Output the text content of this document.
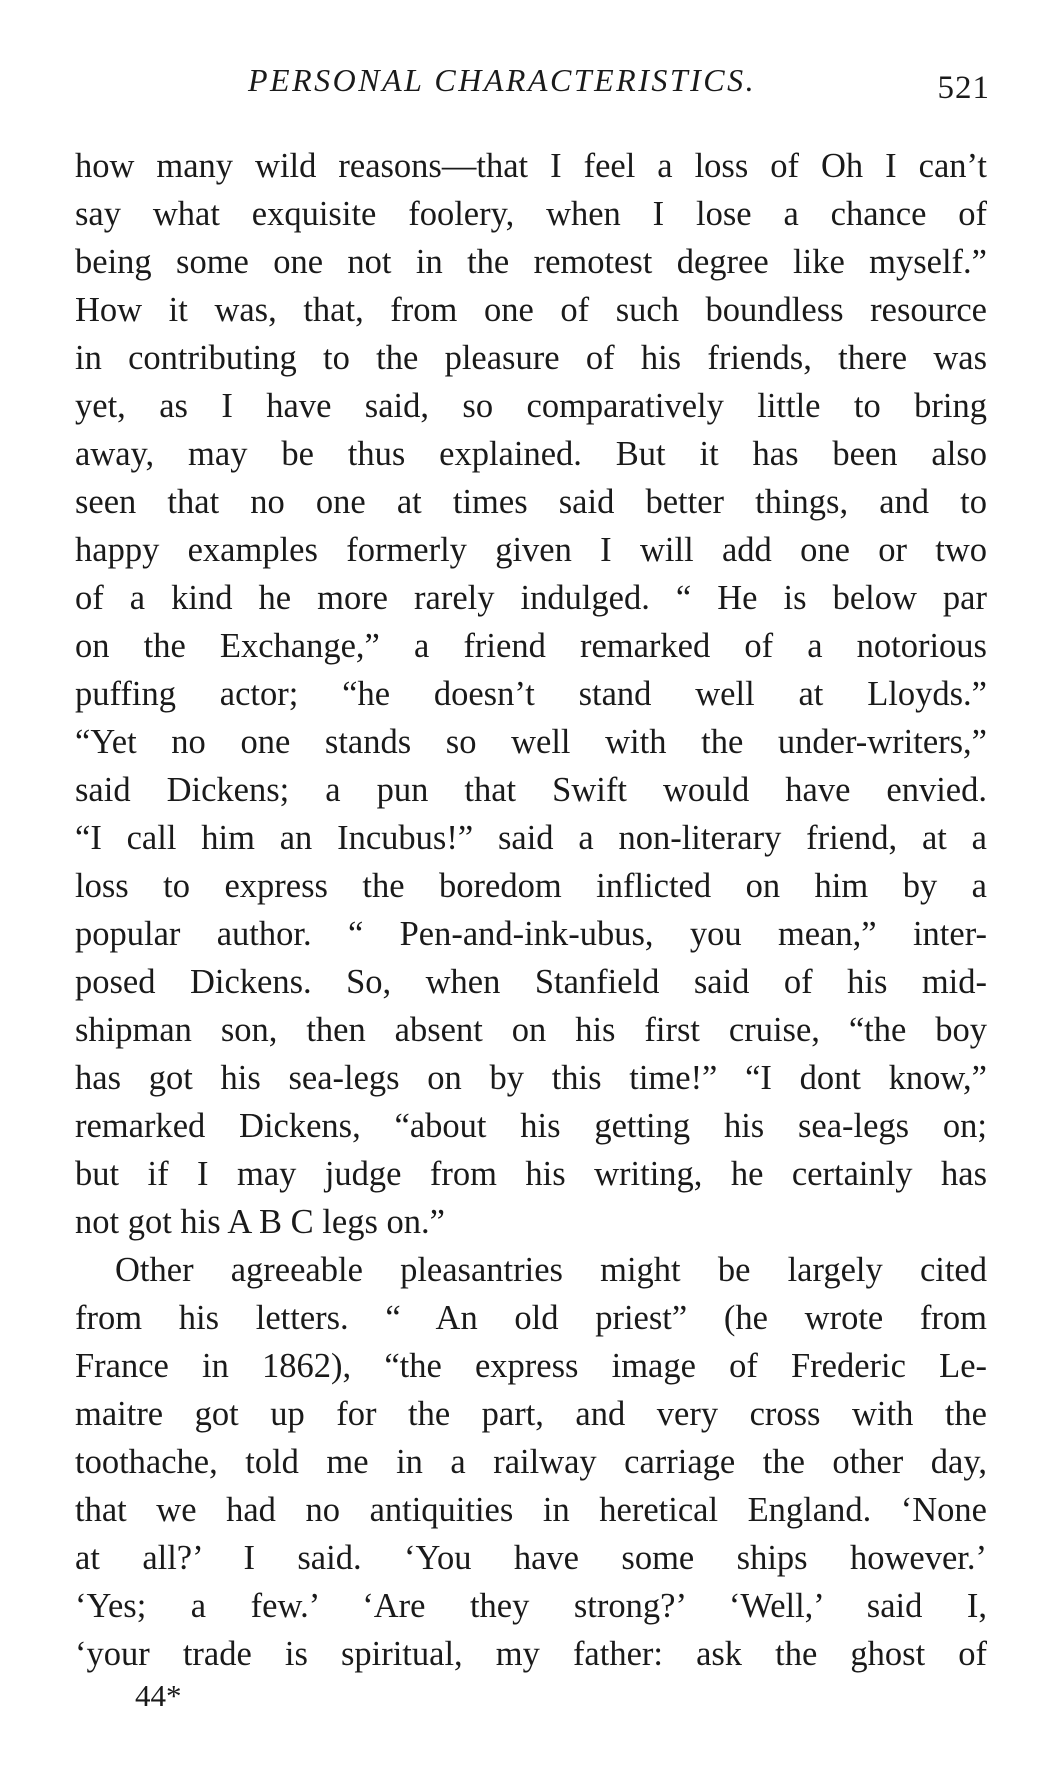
PERSONAL CHARACTERISTICS.	521
how many wild reasons—that I feel a loss of Oh I can’t
say what exquisite foolery, when I lose a chance of
being some one not in the remotest degree like myself.”
How it was, that, from one of such boundless resource
in contributing to the pleasure of his friends, there was
yet, as I have said, so comparatively little to bring
away, may be thus explained. But it has been also
seen that no one at times said better things, and to
happy examples formerly given I will add one or two
of a kind he more rarely indulged. “ He is below par
on the Exchange,” a friend remarked of a notorious
puffing actor; “he doesn’t stand well at Lloyds.”
“Yet no one stands so well with the under-writers,”
said Dickens; a pun that Swift would have envied.
“I call him an Incubus!” said a non-literary friend, at a
loss to express the boredom inflicted on him by a
popular author. “ Pen-and-ink-ubus, you mean,” inter-
posed Dickens. So, when Stanfield said of his mid-
shipman son, then absent on his first cruise, “the boy
has got his sea-legs on by this time!” “I dont know,”
remarked Dickens, “about his getting his sea-legs on;
but if I may judge from his writing, he certainly has
not got his A B C legs on.”
Other agreeable pleasantries might be largely cited
from his letters. “ An old priest” (he wrote from
France in 1862), “the express image of Frederic Le-
maitre got up for the part, and very cross with the
toothache, told me in a railway carriage the other day,
that we had no antiquities in heretical England. ‘None
at all?’ I said. ‘You have some ships however.’
‘Yes; a few.’ ‘Are they strong?’ ‘Well,’ said I,
‘your trade is spiritual, my father: ask the ghost of
44*
